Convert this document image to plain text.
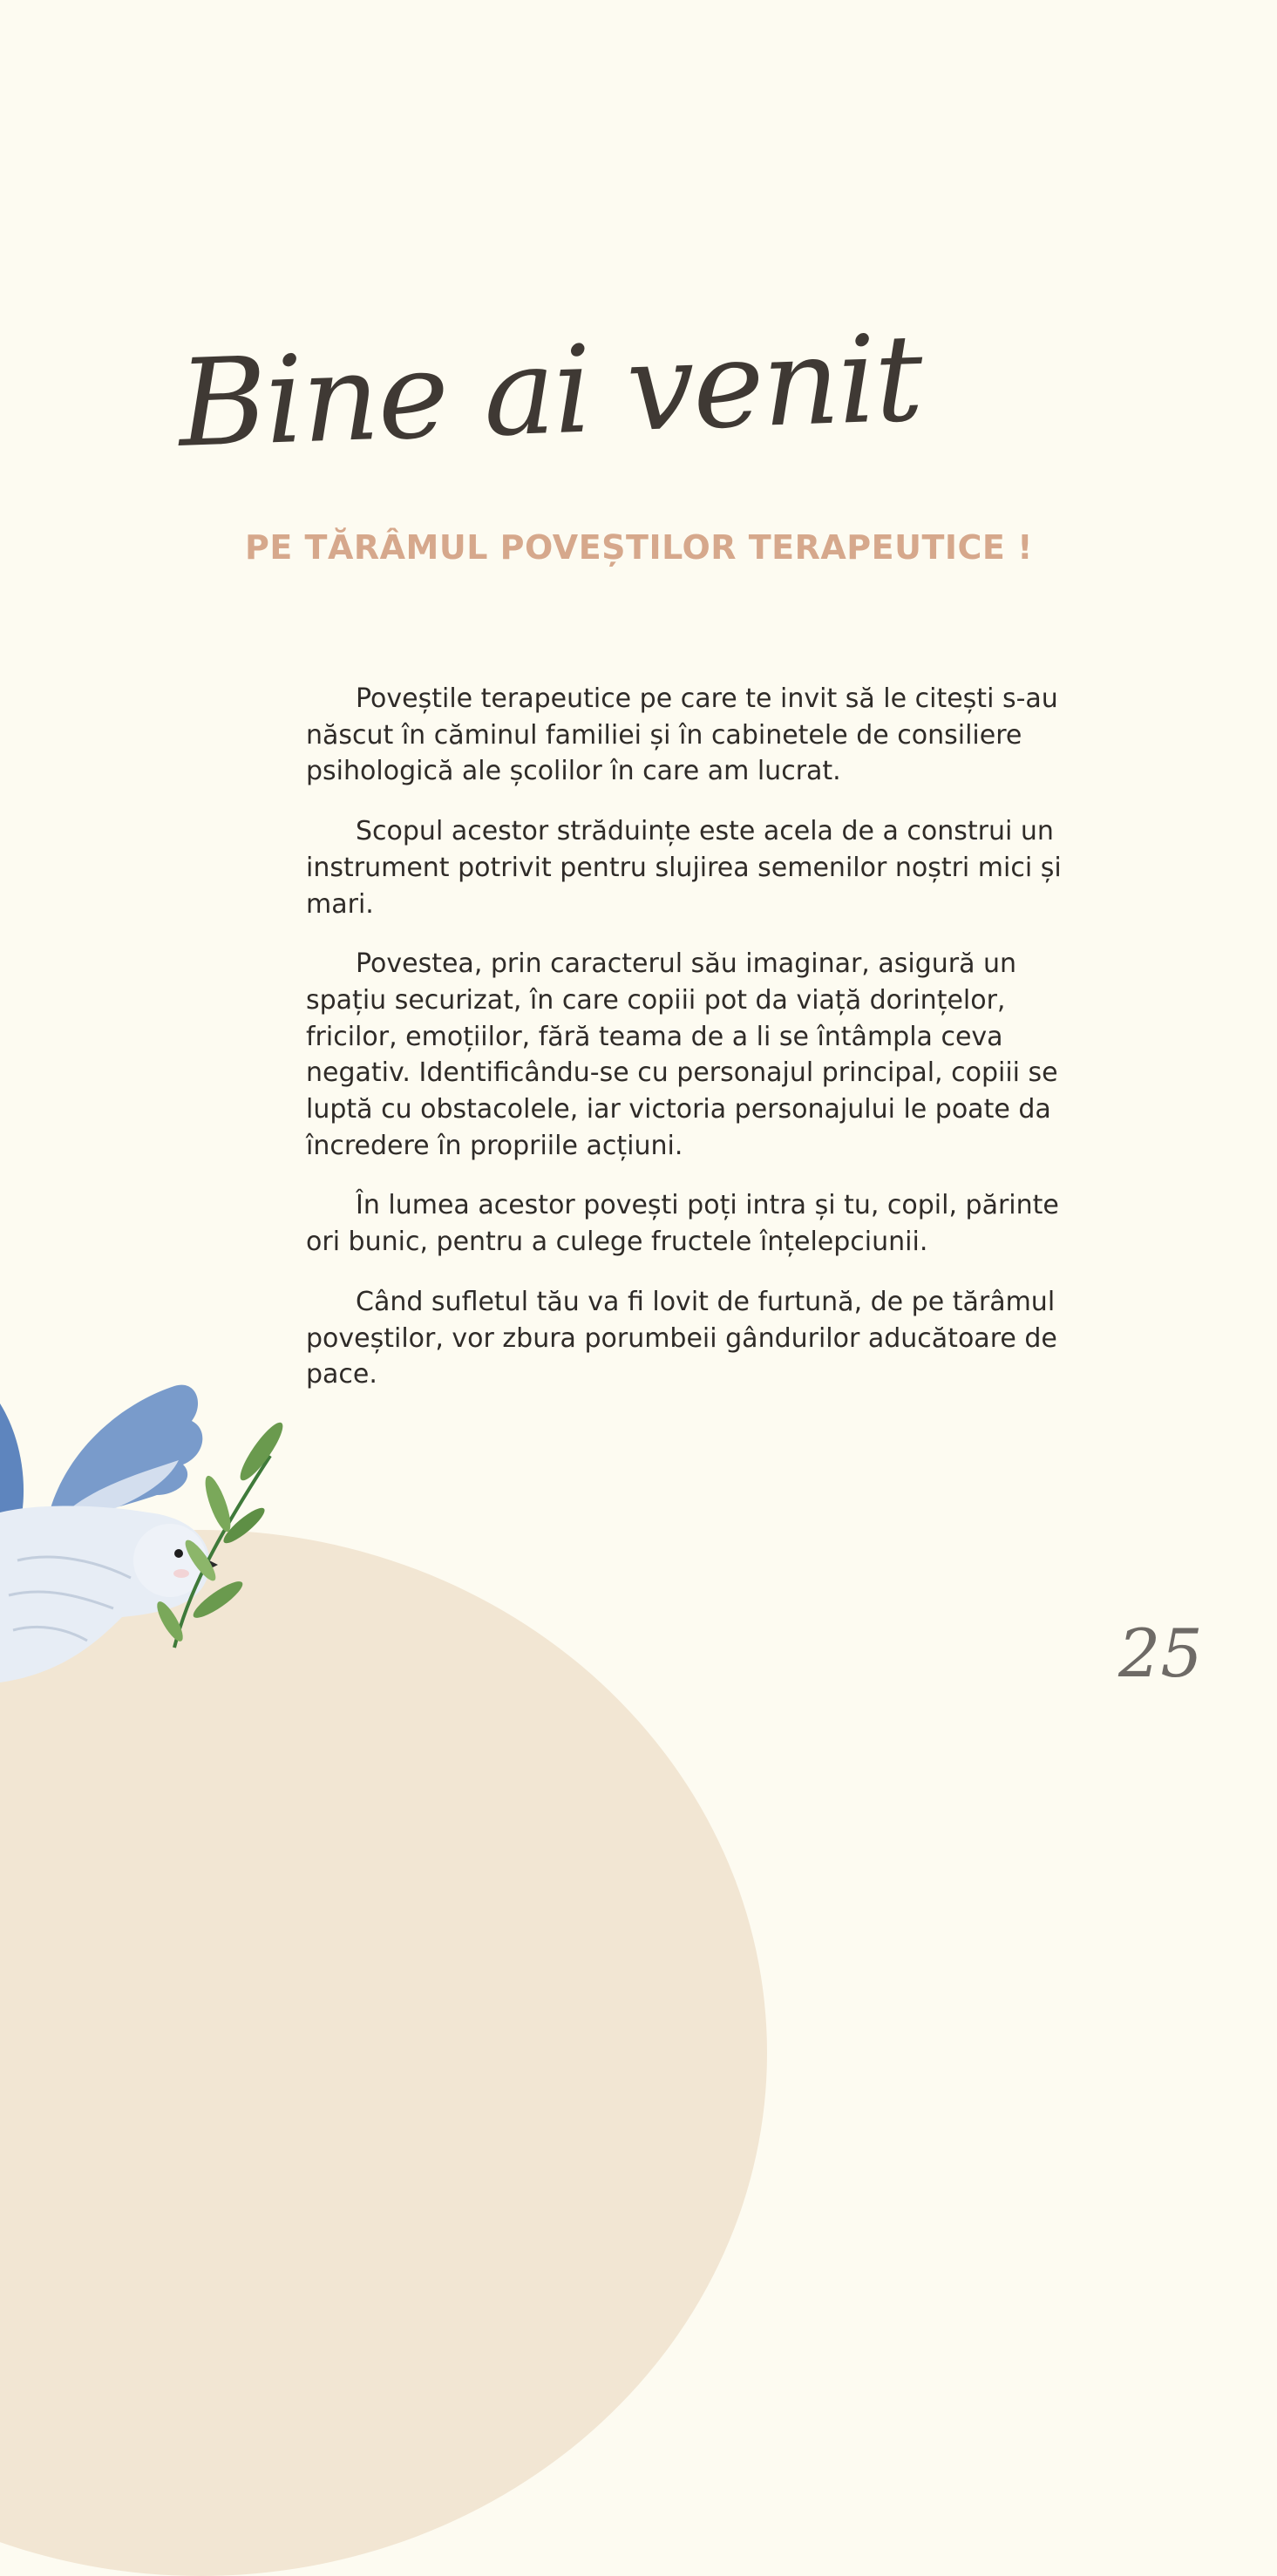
Bine ai venit
PE TĂRÂMUL POVEȘTILOR TERAPEUTICE !

Poveștile terapeutice pe care te invit să le citești s-au născut în căminul familiei și în cabinetele de consiliere psihologică ale școlilor în care am lucrat.

Scopul acestor străduințe este acela de a construi un instrument potrivit pentru slujirea semenilor noștri mici și mari.

Povestea, prin caracterul său imaginar, asigură un spațiu securizat, în care copiii pot da viață dorințelor, fricilor, emoțiilor, fără teama de a li se întâmpla ceva negativ. Identificându-se cu personajul principal, copiii se luptă cu obstacolele, iar victoria personajului le poate da încredere în propriile acțiuni.

În lumea acestor povești poți intra și tu, copil, părinte ori bunic, pentru a culege fructele înțelepciunii.

Când sufletul tău va fi lovit de furtună, de pe tărâmul poveștilor, vor zbura porumbeii gândurilor aducătoare de pace.

25
